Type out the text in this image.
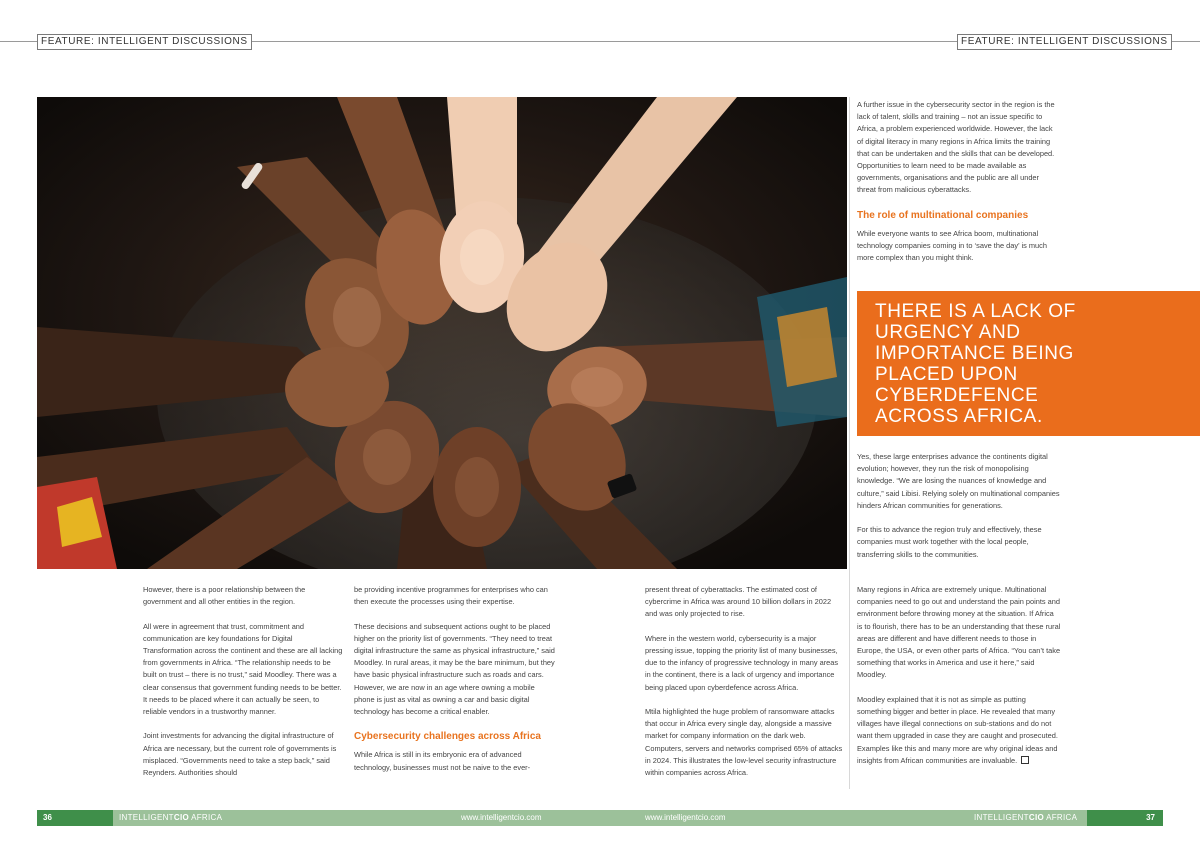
FEATURE: INTELLIGENT DISCUSSIONS	FEATURE: INTELLIGENT DISCUSSIONS

However, there is a poor relationship between the government and all other entities in the region.

All were in agreement that trust, commitment and communication are key foundations for Digital Transformation across the continent and these are all lacking from governments in Africa. “The relationship needs to be built on trust – there is no trust,” said Moodley. There was a clear consensus that government funding needs to be better. It needs to be placed where it can actually be seen, to reliable vendors in a trustworthy manner.

Joint investments for advancing the digital infrastructure of Africa are necessary, but the current role of governments is misplaced. “Governments need to take a step back,” said Reynders. Authorities should

be providing incentive programmes for enterprises who can then execute the processes using their expertise.

These decisions and subsequent actions ought to be placed higher on the priority list of governments. “They need to treat digital infrastructure the same as physical infrastructure,” said Moodley. In rural areas, it may be the bare minimum, but they have basic physical infrastructure such as roads and cars. However, we are now in an age where owning a mobile phone is just as vital as owning a car and basic digital technology has become a critical enabler.

Cybersecurity challenges across Africa

While Africa is still in its embryonic era of advanced technology, businesses must not be naive to the ever-

present threat of cyberattacks. The estimated cost of cybercrime in Africa was around 10 billion dollars in 2022 and was only projected to rise.

Where in the western world, cybersecurity is a major pressing issue, topping the priority list of many businesses, due to the infancy of progressive technology in many areas in the continent, there is a lack of urgency and importance being placed upon cyberdefence across Africa.

Mtila highlighted the huge problem of ransomware attacks that occur in Africa every single day, alongside a massive market for company information on the dark web. Computers, servers and networks comprised 65% of attacks in 2024. This illustrates the low-level security infrastructure within companies across Africa.

A further issue in the cybersecurity sector in the region is the lack of talent, skills and training – not an issue specific to Africa, a problem experienced worldwide. However, the lack of digital literacy in many regions in Africa limits the training that can be undertaken and the skills that can be developed. Opportunities to learn need to be made available as governments, organisations and the public are all under threat from malicious cyberattacks.

The role of multinational companies

While everyone wants to see Africa boom, multinational technology companies coming in to ‘save the day’ is much more complex than you might think.

THERE IS A LACK OF URGENCY AND IMPORTANCE BEING PLACED UPON CYBERDEFENCE ACROSS AFRICA.

Yes, these large enterprises advance the continents digital evolution; however, they run the risk of monopolising knowledge. “We are losing the nuances of knowledge and culture,” said Libisi. Relying solely on multinational companies hinders African communities for generations.

For this to advance the region truly and effectively, these companies must work together with the local people, transferring skills to the communities.

Many regions in Africa are extremely unique. Multinational companies need to go out and understand the pain points and environment before throwing money at the situation. If Africa is to flourish, there has to be an understanding that these rural areas are different and have different needs to those in Europe, the USA, or even other parts of Africa. “You can’t take something that works in America and use it here,” said Moodley.

Moodley explained that it is not as simple as putting something bigger and better in place. He revealed that many villages have illegal connections on sub-stations and do not want them upgraded in case they are caught and prosecuted. Examples like this and many more are why original ideas and insights from African communities are invaluable.

36	INTELLIGENTCIO AFRICA	www.intelligentcio.com	www.intelligentcio.com	INTELLIGENTCIO AFRICA	37
